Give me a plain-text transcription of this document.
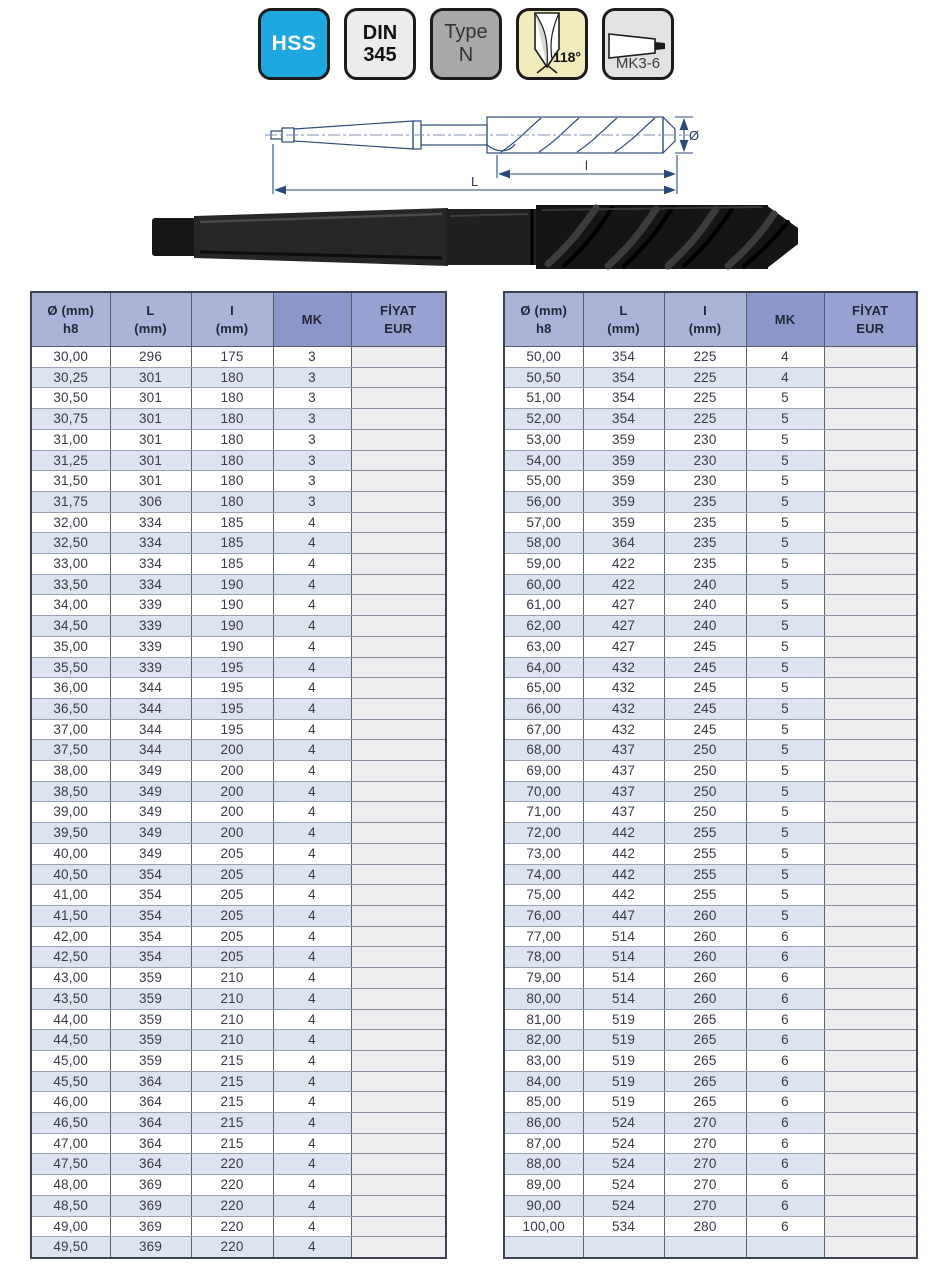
HSS DIN
345
Type
N	118°	MK3-6
Ø
l
L
Ø (mm)
h8

L
(mm)

I
(mm)

MK

FİYAT
EUR

30,00	296	175	3	
30,25	301	180	3	
30,50	301	180	3	
30,75	301	180	3	
31,00	301	180	3	
31,25	301	180	3	
31,50	301	180	3	
31,75	306	180	3	
32,00	334	185	4	
32,50	334	185	4	
33,00	334	185	4	
33,50	334	190	4	
34,00	339	190	4	
34,50	339	190	4	
35,00	339	190	4	
35,50	339	195	4	
36,00	344	195	4	
36,50	344	195	4	
37,00	344	195	4	
37,50	344	200	4	
38,00	349	200	4	
38,50	349	200	4	
39,00	349	200	4	
39,50	349	200	4	
40,00	349	205	4	
40,50	354	205	4	
41,00	354	205	4	
41,50	354	205	4	
42,00	354	205	4	
42,50	354	205	4	
43,00	359	210	4	
43,50	359	210	4	
44,00	359	210	4	
44,50	359	210	4	
45,00	359	215	4	
45,50	364	215	4	
46,00	364	215	4	
46,50	364	215	4	
47,00	364	215	4	
47,50	364	220	4	
48,00	369	220	4	
48,50	369	220	4	
49,00	369	220	4	
49,50	369	220	4	
Ø (mm)
h8

L
(mm)

I
(mm)

MK

FİYAT
EUR

50,00	354	225	4	
50,50	354	225	4	
51,00	354	225	5	
52,00	354	225	5	
53,00	359	230	5	
54,00	359	230	5	
55,00	359	230	5	
56,00	359	235	5	
57,00	359	235	5	
58,00	364	235	5	
59,00	422	235	5	
60,00	422	240	5	
61,00	427	240	5	
62,00	427	240	5	
63,00	427	245	5	
64,00	432	245	5	
65,00	432	245	5	
66,00	432	245	5	
67,00	432	245	5	
68,00	437	250	5	
69,00	437	250	5	
70,00	437	250	5	
71,00	437	250	5	
72,00	442	255	5	
73,00	442	255	5	
74,00	442	255	5	
75,00	442	255	5	
76,00	447	260	5	
77,00	514	260	6	
78,00	514	260	6	
79,00	514	260	6	
80,00	514	260	6	
81,00	519	265	6	
82,00	519	265	6	
83,00	519	265	6	
84,00	519	265	6	
85,00	519	265	6	
86,00	524	270	6	
87,00	524	270	6	
88,00	524	270	6	
89,00	524	270	6	
90,00	524	270	6	
100,00	534	280	6	
